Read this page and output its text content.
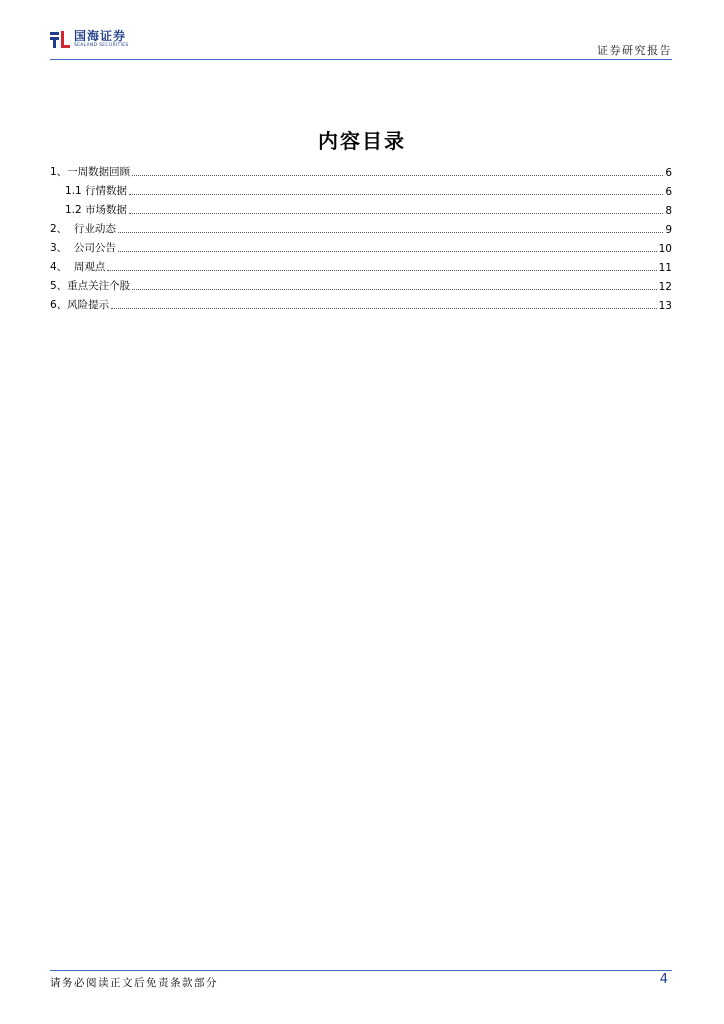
国海证券
SEALAND SECURITIES	证券研究报告
内容目录
1、一周数据回顾	6
1.1 行情数据	6
1.2 市场数据	8
2、  行业动态	9
3、  公司公告	10
4、  周观点	11
5、重点关注个股	12
6、风险提示	13
请务必阅读正文后免责条款部分	4
